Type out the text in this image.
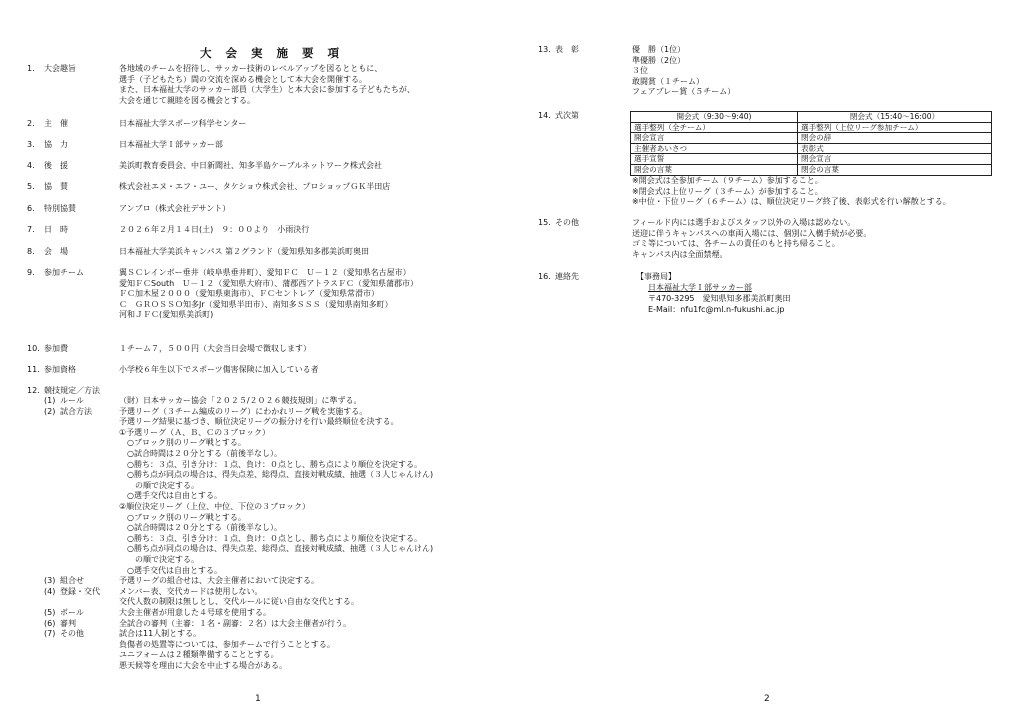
大 会 実 施 要 項
1. 大会趣旨	各地域のチームを招待し、サッカー技術のレベルアップを図るとともに、
選手（子どもたち）間の交流を深める機会として本大会を開催する。
また、日本福祉大学のサッカー部員（大学生）と本大会に参加する子どもたちが、
大会を通じて親睦を図る機会とする。
2. 主　催	日本福祉大学スポーツ科学センター
3. 協　力	日本福祉大学Ｉ部サッカー部
4. 後　援	美浜町教育委員会、中日新聞社、知多半島ケーブルネットワーク株式会社
5. 協　賛	株式会社エヌ・エフ・ユー、タケショウ株式会社、プロショップＧＫ半田店
6. 特別協賛	アンブロ（株式会社デサント）
7. 日　時	２０２６年２月１４日(土)　９：００より　小雨決行
8. 会　場	日本福祉大学美浜キャンパス 第２グランド（愛知県知多郡美浜町奥田
9. 参加チーム	翼ＳＣレインボー垂井（岐阜県垂井町）、愛知ＦＣ　Ｕ－１２（愛知県名古屋市）
愛知ＦＣSouth　Ｕ－１２（愛知県大府市）、蒲郡西アトラスＦＣ（愛知県蒲郡市）
ＦＣ加木屋２０００（愛知県東海市）、ＦＣセントレア（愛知県常滑市）
Ｃ　ＧＲＯＳＳＯ知多Jr（愛知県半田市）、南知多ＳＳＳ（愛知県南知多町）
河和ＪＦＣ(愛知県美浜町)
10. 参加費	１チーム７，５００円（大会当日会場で徴収します）
11. 参加資格	小学校６年生以下でスポーツ傷害保険に加入している者
12. 競技規定／方法
(1) ルール	（財）日本サッカー協会「２０２５/２０２６競技規則」に準ずる。
(2) 試合方法	予選リーグ（３チーム編成のリーグ）にわかれリーグ戦を実施する。
予選リーグ結果に基づき、順位決定リーグの振分けを行い最終順位を決する。
①予選リーグ（Ａ、Ｂ、Ｃの３ブロック）
　○ブロック別のリーグ戦とする。
　○試合時間は２０分とする（前後半なし）。
　○勝ち：３点、引き分け：１点、負け：０点とし、勝ち点により順位を決定する。
　○勝ち点が同点の場合は、得失点差、総得点、直接対戦成績、抽選（３人じゃんけん)
　　の順で決定する。
　○選手交代は自由とする。
②順位決定リーグ（上位、中位、下位の３ブロック）
　○ブロック別のリーグ戦とする。
　○試合時間は２０分とする（前後半なし）。
　○勝ち：３点、引き分け：１点、負け：０点とし、勝ち点により順位を決定する。
　○勝ち点が同点の場合は、得失点差、総得点、直接対戦成績、抽選（３人じゃんけん)
　　の順で決定する。
　○選手交代は自由とする。
(3) 組合せ	予選リーグの組合せは、大会主催者において決定する。
(4) 登録・交代 メンバー表、交代カードは使用しない。
交代人数の制限は無しとし、交代ルールに従い自由な交代とする。
(5) ボール	大会主催者が用意した４号球を使用する。
(6) 審判	全試合の審判（主審：１名・副審：２名）は大会主催者が行う。
(7) その他	試合は11人制とする。
負傷者の処置等については、参加チームで行うこととする。
ユニフォームは２種類準備することとする。
悪天候等を理由に大会を中止する場合がある。
1
13. 表　彰	優　勝（1位）
準優勝（2位）
３位
敢闘賞（１チーム）
フェアプレー賞（５チーム）
14. 式次第
※開会式は全参加チーム（９チーム）参加すること。
※閉会式は上位リーグ（３チーム）が参加すること。
※中位・下位リーグ（６チーム）は、順位決定リーグ終了後、表彰式を行い解散とする。
15. その他	フィールド内には選手およびスタッフ以外の入場は認めない。
送迎に伴うキャンパスへの車両入場には、個別に入構手続が必要。
ゴミ等については、各チームの責任のもと持ち帰ること。
キャンパス内は全面禁煙。
16. 連絡先	【事務局】
日本福祉大学Ｉ部サッカー部
〒470-3295　愛知県知多郡美浜町奥田
E-Mail：nfu1fc@ml.n-fukushi.ac.jp
開会式（9:30～9:40)	閉会式（15:40～16:00）
選手整列（全チーム）	選手整列（上位リーグ参加チーム）
開会宣言	閉会の辞
主催者あいさつ	表彰式
選手宣誓	閉会宣言
開会の言葉	閉会の言葉
2
